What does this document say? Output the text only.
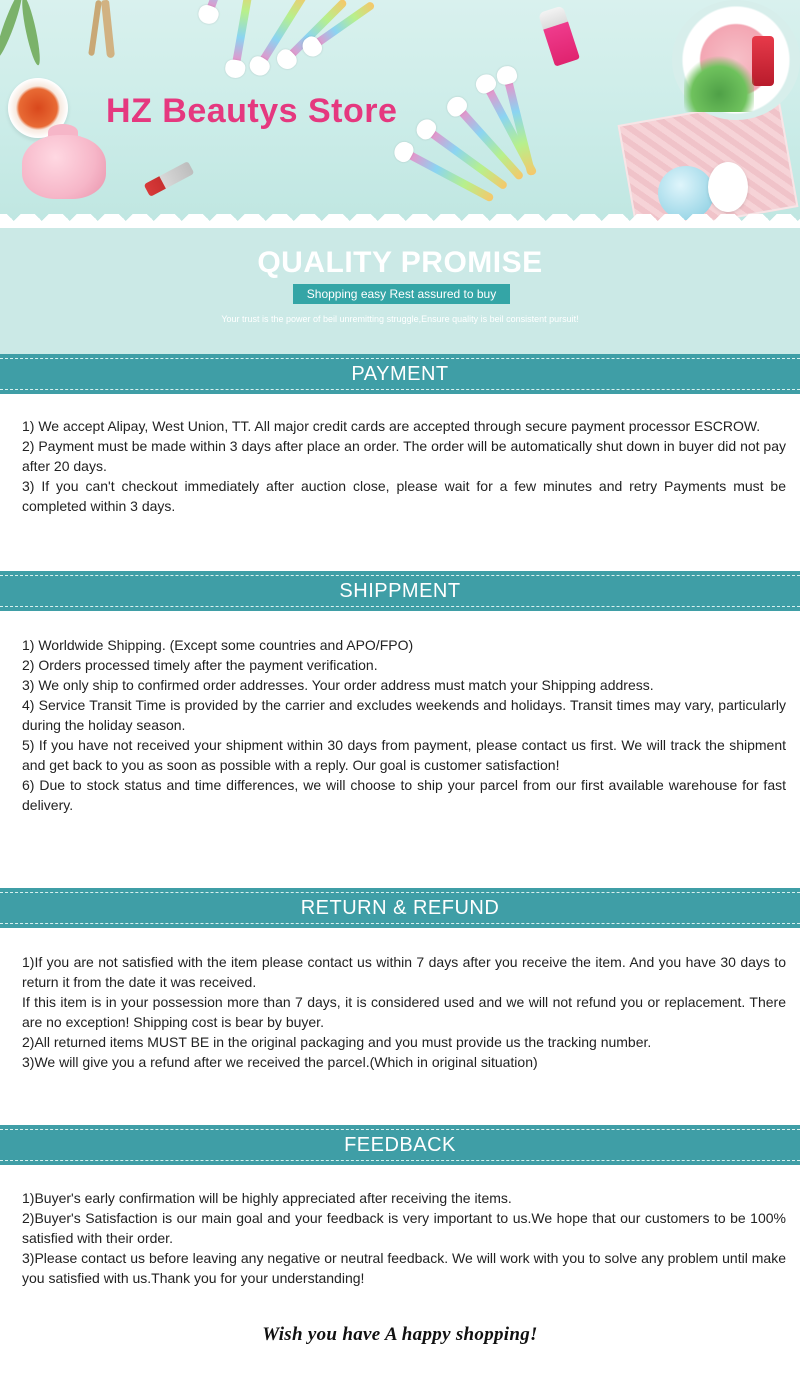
HZ Beautys Store
QUALITY PROMISE
Shopping easy Rest assured to buy
Your trust is the power of beil unremitting struggle,Ensure quality is beil consistent pursuit!
PAYMENT

1) We accept Alipay, West Union, TT. All major credit cards are accepted through secure payment processor ESCROW.

2) Payment must be made within 3 days after place an order. The order will be automatically shut down in buyer did not pay after 20 days.

3) If you can't checkout immediately after auction close, please wait for a few minutes and retry Payments must be completed within 3 days.

SHIPPMENT

1) Worldwide Shipping. (Except some countries and APO/FPO)

2) Orders processed timely after the payment verification.

3) We only ship to confirmed order addresses. Your order address must match your Shipping address.

4) Service Transit Time is provided by the carrier and excludes weekends and holidays. Transit times may vary, particularly during the holiday season.

5) If you have not received your shipment within 30 days from payment, please contact us first. We will track the shipment and get back to you as soon as possible with a reply. Our goal is customer satisfaction!

6) Due to stock status and time differences, we will choose to ship your parcel from our first available warehouse for fast delivery.

RETURN & REFUND

1)If you are not satisfied with the item please contact us within 7 days after you receive the item. And you have 30 days to return it from the date it was received.

If this item is in your possession more than 7 days, it is considered used and we will not refund you or replacement. There are no exception! Shipping cost is bear by buyer.

2)All returned items MUST BE in the original packaging and you must provide us the tracking number.

3)We will give you a refund after we received the parcel.(Which in original situation)

FEEDBACK

1)Buyer's early confirmation will be highly appreciated after receiving the items.

2)Buyer's Satisfaction is our main goal and your feedback is very important to us.We hope that our customers to be 100% satisfied with their order.

3)Please contact us before leaving any negative or neutral feedback. We will work with you to solve any problem until make you satisfied with us.Thank you for your understanding!

Wish you have A happy shopping!
